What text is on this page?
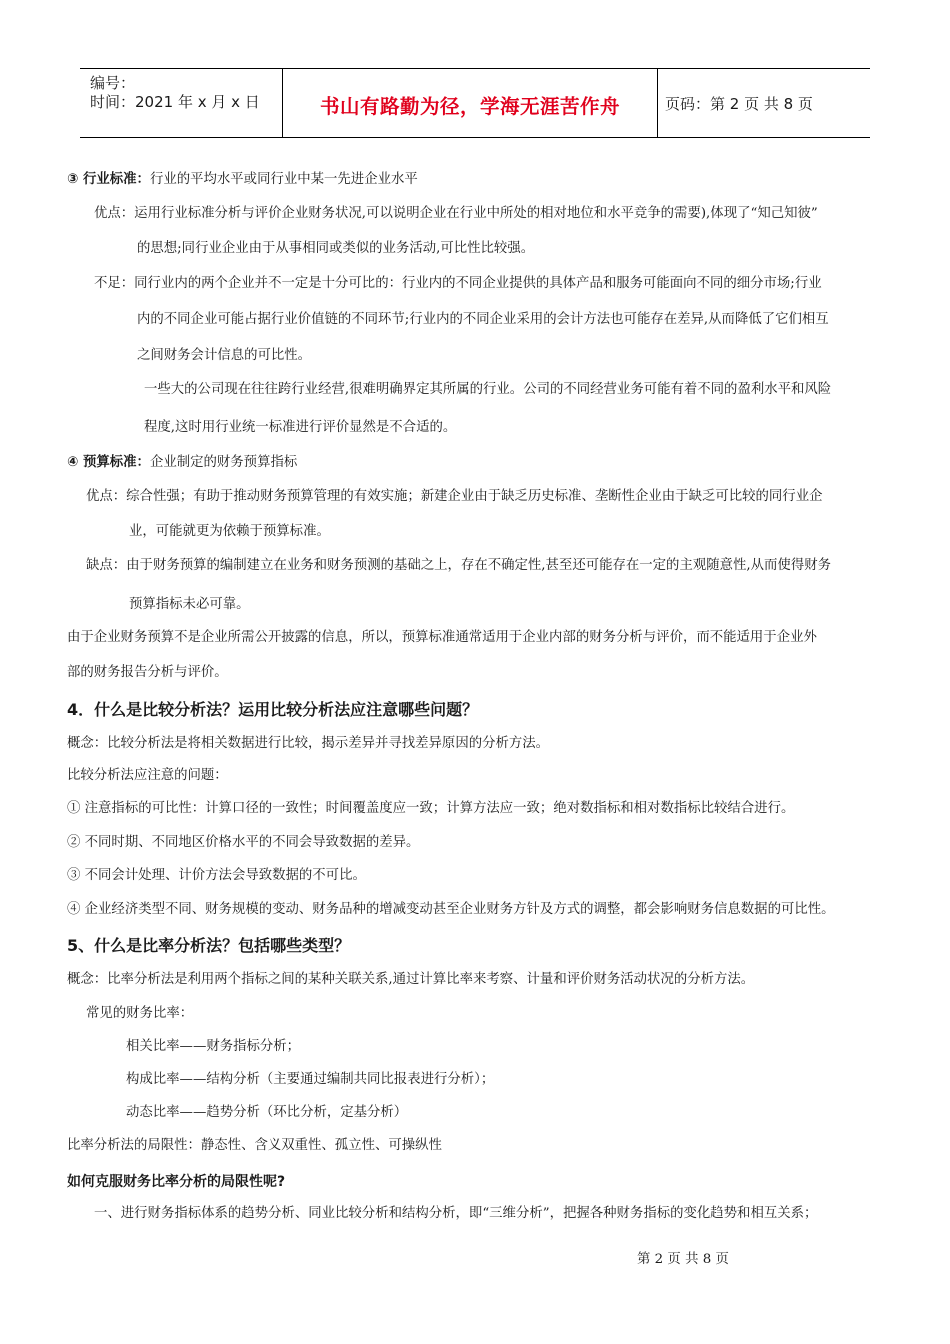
编号：
时间：2021 年 x 月 x 日	书山有路勤为径，学海无涯苦作舟	页码：第 2 页 共 8 页
③ 行业标准：行业的平均水平或同行业中某一先进企业水平
优点：运用行业标准分析与评价企业财务状况,可以说明企业在行业中所处的相对地位和水平竞争的需要),体现了“知己知彼”
的思想;同行业企业由于从事相同或类似的业务活动,可比性比较强。
不足：同行业内的两个企业并不一定是十分可比的：行业内的不同企业提供的具体产品和服务可能面向不同的细分市场;行业
内的不同企业可能占据行业价值链的不同环节;行业内的不同企业采用的会计方法也可能存在差异,从而降低了它们相互
之间财务会计信息的可比性。
一些大的公司现在往往跨行业经营,很难明确界定其所属的行业。公司的不同经营业务可能有着不同的盈利水平和风险
程度,这时用行业统一标准进行评价显然是不合适的。
④ 预算标准：企业制定的财务预算指标
优点：综合性强；有助于推动财务预算管理的有效实施；新建企业由于缺乏历史标准、垄断性企业由于缺乏可比较的同行业企
业，可能就更为依赖于预算标准。
缺点：由于财务预算的编制建立在业务和财务预测的基础之上，存在不确定性,甚至还可能存在一定的主观随意性,从而使得财务
预算指标未必可靠。
由于企业财务预算不是企业所需公开披露的信息，所以，预算标准通常适用于企业内部的财务分析与评价，而不能适用于企业外
部的财务报告分析与评价。
4．什么是比较分析法？运用比较分析法应注意哪些问题？
概念：比较分析法是将相关数据进行比较，揭示差异并寻找差异原因的分析方法。
比较分析法应注意的问题：
① 注意指标的可比性：计算口径的一致性；时间覆盖度应一致；计算方法应一致；绝对数指标和相对数指标比较结合进行。
② 不同时期、不同地区价格水平的不同会导致数据的差异。
③ 不同会计处理、计价方法会导致数据的不可比。
④ 企业经济类型不同、财务规模的变动、财务品种的增减变动甚至企业财务方针及方式的调整，都会影响财务信息数据的可比性。
5、什么是比率分析法？包括哪些类型？
概念：比率分析法是利用两个指标之间的某种关联关系,通过计算比率来考察、计量和评价财务活动状况的分析方法。
常见的财务比率：
相关比率——财务指标分析；
构成比率——结构分析（主要通过编制共同比报表进行分析）；
动态比率——趋势分析（环比分析，定基分析）
比率分析法的局限性：静态性、含义双重性、孤立性、可操纵性
如何克服财务比率分析的局限性呢?
一、进行财务指标体系的趋势分析、同业比较分析和结构分析，即“三维分析”，把握各种财务指标的变化趋势和相互关系；
第 2 页 共 8 页
